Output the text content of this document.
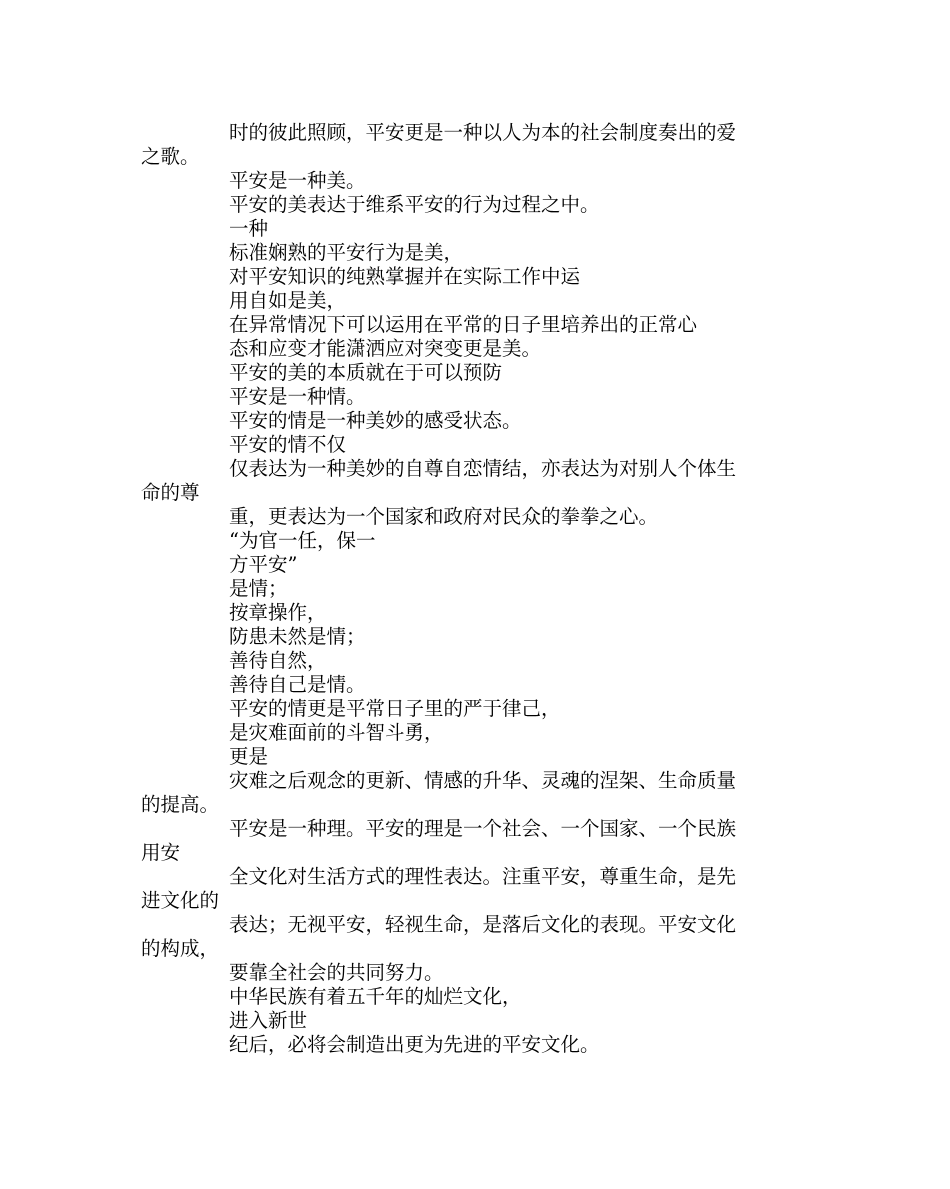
时的彼此照顾，平安更是一种以人为本的社会制度奏出的爱

之歌。

平安是一种美。

平安的美表达于维系平安的行为过程之中。

一种

标准娴熟的平安行为是美，

对平安知识的纯熟掌握并在实际工作中运

用自如是美，

在异常情况下可以运用在平常的日子里培养出的正常心

态和应变才能潇洒应对突变更是美。

平安的美的本质就在于可以预防

平安是一种情。

平安的情是一种美妙的感受状态。

平安的情不仅

仅表达为一种美妙的自尊自恋情结，亦表达为对别人个体生

命的尊

重，更表达为一个国家和政府对民众的拳拳之心。

“为官一任，保一

方平安”

是情；

按章操作，

防患未然是情；

善待自然，

善待自己是情。

平安的情更是平常日子里的严于律己，

是灾难面前的斗智斗勇，

更是

灾难之后观念的更新、情感的升华、灵魂的涅架、生命质量

的提高。

平安是一种理。平安的理是一个社会、一个国家、一个民族

用安

全文化对生活方式的理性表达。注重平安，尊重生命，是先

进文化的

表达；无视平安，轻视生命，是落后文化的表现。平安文化

的构成，

要靠全社会的共同努力。

中华民族有着五千年的灿烂文化，

进入新世

纪后，必将会制造出更为先进的平安文化。
